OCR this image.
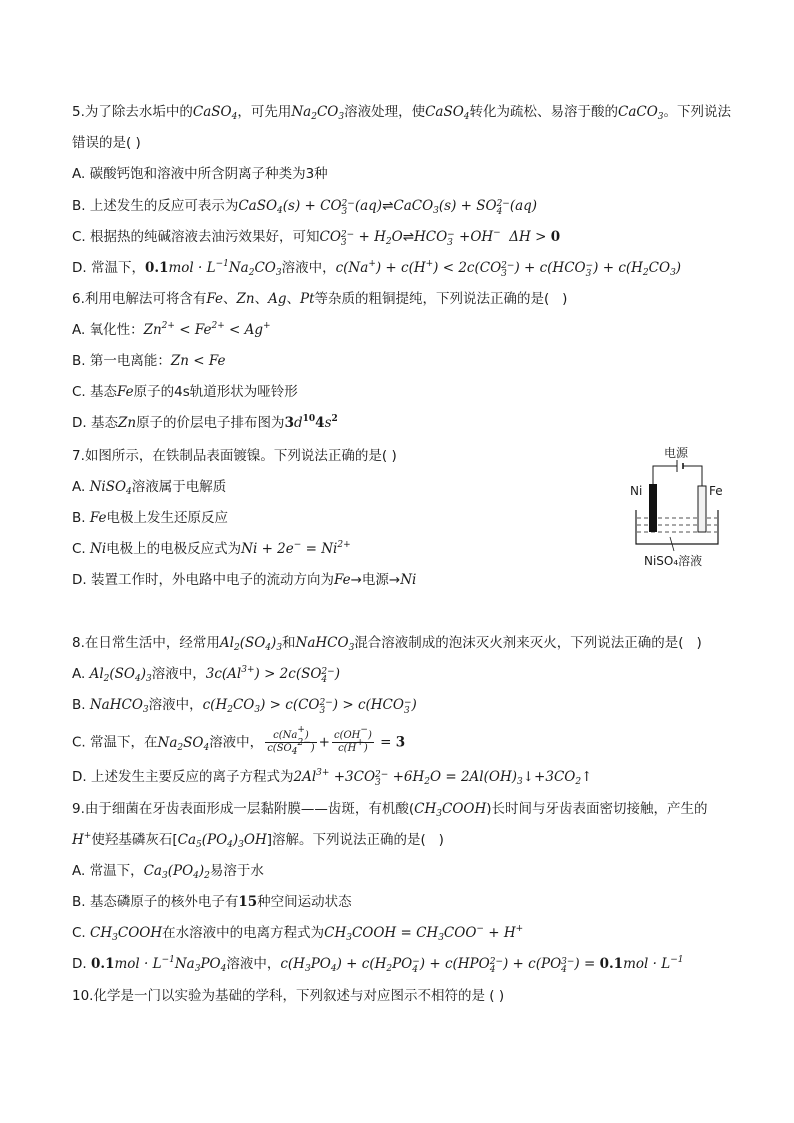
5.为了除去水垢中的CaSO$_4$，可先用$Na_2CO_3$溶液处理，使CaSO$_4$转化为疏松、易溶于酸的CaCO$_3$。下列说法
错误的是( )
A. 碳酸钙饱和溶液中所含阴离子种类为3种
B. 上述发生的反应可表示为CaSO$_4$(s) + CO 2−
3 (aq)⇌CaCO$_3$(s) + SO 2−
4 (aq)
C. 根据热的纯碱溶液去油污效果好，可知CO 2−
$3 + H_2O\rightleftharpoons HCO$ −
3 +OH−  ΔH > 0
D. 常温下，$0.1mol \cdot L^{-1}Na_2CO_3$溶液中，c(Na+) + c(H+) < 2c(CO 2−
3 ) + c(HCO −
3 ) + $c(H_2CO_3)$
6.利用电解法可将含有Fe、Zn、Ag、Pt等杂质的粗铜提纯，下列说法正确的是(   )
A. 氧化性：$Zn^{2+} < Fe^{2+} < Ag^+$
B. 第一电离能：Zn < Fe
C. 基态Fe原子的4s轨道形状为哑铃形
D. 基态Zn原子的价层电子排布图为$3d^{10}4s^2$
7.如图所示，在铁制品表面镀镍。下列说法正确的是( )
A. NiSO$_4$溶液属于电解质
B. Fe电极上发生还原反应
C. Ni电极上的电极反应式为$Ni + 2e^- = Ni^{2+}$
D. 装置工作时，外电路中电子的流动方向为Fe→电源→Ni
电源
Ni	Fe
NiSO₄溶液
8.在日常生活中，经常用$Al_2(SO_4)_3$和NaHCO$_3$混合溶液制成的泡沫灭火剂来灭火，下列说法正确的是(   )
A. $Al_2(SO_4)_3$溶液中，$3c(Al^{3+}) > 2c(SO$ 2−
4 )
B. NaHCO$_3$溶液中，$c(H_2CO_3) > c(CO$ 2−
3 ) > c(HCO −
3 )
C. 常温下，在$Na_2SO_4$溶液中， $\frac{c(Na^+)}{c(SO_4^{2-})} + \frac{c(OH^-)}{c(H^+)} = 3$
D. 上述发生主要反应的离子方程式为$2Al^{3+} +3CO$ 2−
$3 +6H_2O$ = $2Al(OH)_3↓+3CO_2↑$
9.由于细菌在牙齿表面形成一层黏附膜——齿斑，有机酸$(CH_3COOH)$长时间与牙齿表面密切接触，产生的
H+使羟基磷灰石$[Ca_5(PO_4)_3OH]$溶解。下列说法正确的是(   )
A. 常温下，$Ca_3(PO_4)_2$易溶于水
B. 基态磷原子的核外电子有15种空间运动状态
C. $CH_3COOH$在水溶液中的电离方程式为$CH_3COOH = CH_3COO^- + H^+$
D. $0.1mol \cdot L^{-1}Na_3PO_4$溶液中，$c(H_3PO_4) + c(H_2PO$ −
4 ) + c(HPO 2−
4 ) + c(PO 3−
4 ) = $0.1mol \cdot L^{-1}$
10.化学是一门以实验为基础的学科，下列叙述与对应图示不相符的是 ( )
